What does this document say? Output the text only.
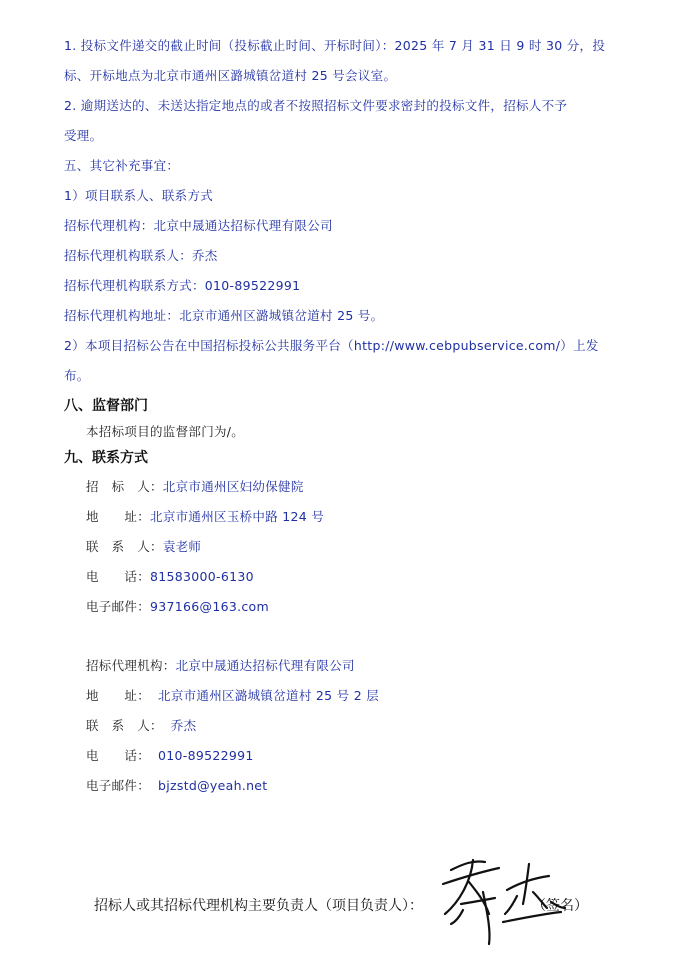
1. 投标文件递交的截止时间（投标截止时间、开标时间）：2025 年 7 月 31 日 9 时 30 分，投
标、开标地点为北京市通州区潞城镇岔道村 25 号会议室。
2. 逾期送达的、未送达指定地点的或者不按照招标文件要求密封的投标文件，招标人不予
受理。
五、其它补充事宜：
1）项目联系人、联系方式
招标代理机构：北京中晟通达招标代理有限公司
招标代理机构联系人：乔杰
招标代理机构联系方式：010-89522991
招标代理机构地址：北京市通州区潞城镇岔道村 25 号。
2）本项目招标公告在中国招标投标公共服务平台（http://www.cebpubservice.com/）上发
布。
八、监督部门
本招标项目的监督部门为/。
九、联系方式
招　标　人：北京市通州区妇幼保健院
地　　址：北京市通州区玉桥中路 124 号
联　系　人：袁老师
电　　话：81583000-6130
电子邮件：937166@163.com
招标代理机构：北京中晟通达招标代理有限公司
地　　址： 北京市通州区潞城镇岔道村 25 号 2 层
联　系　人： 乔杰
电　　话： 010-89522991
电子邮件： bjzstd@yeah.net
招标人或其招标代理机构主要负责人（项目负责人）：	（签名）
